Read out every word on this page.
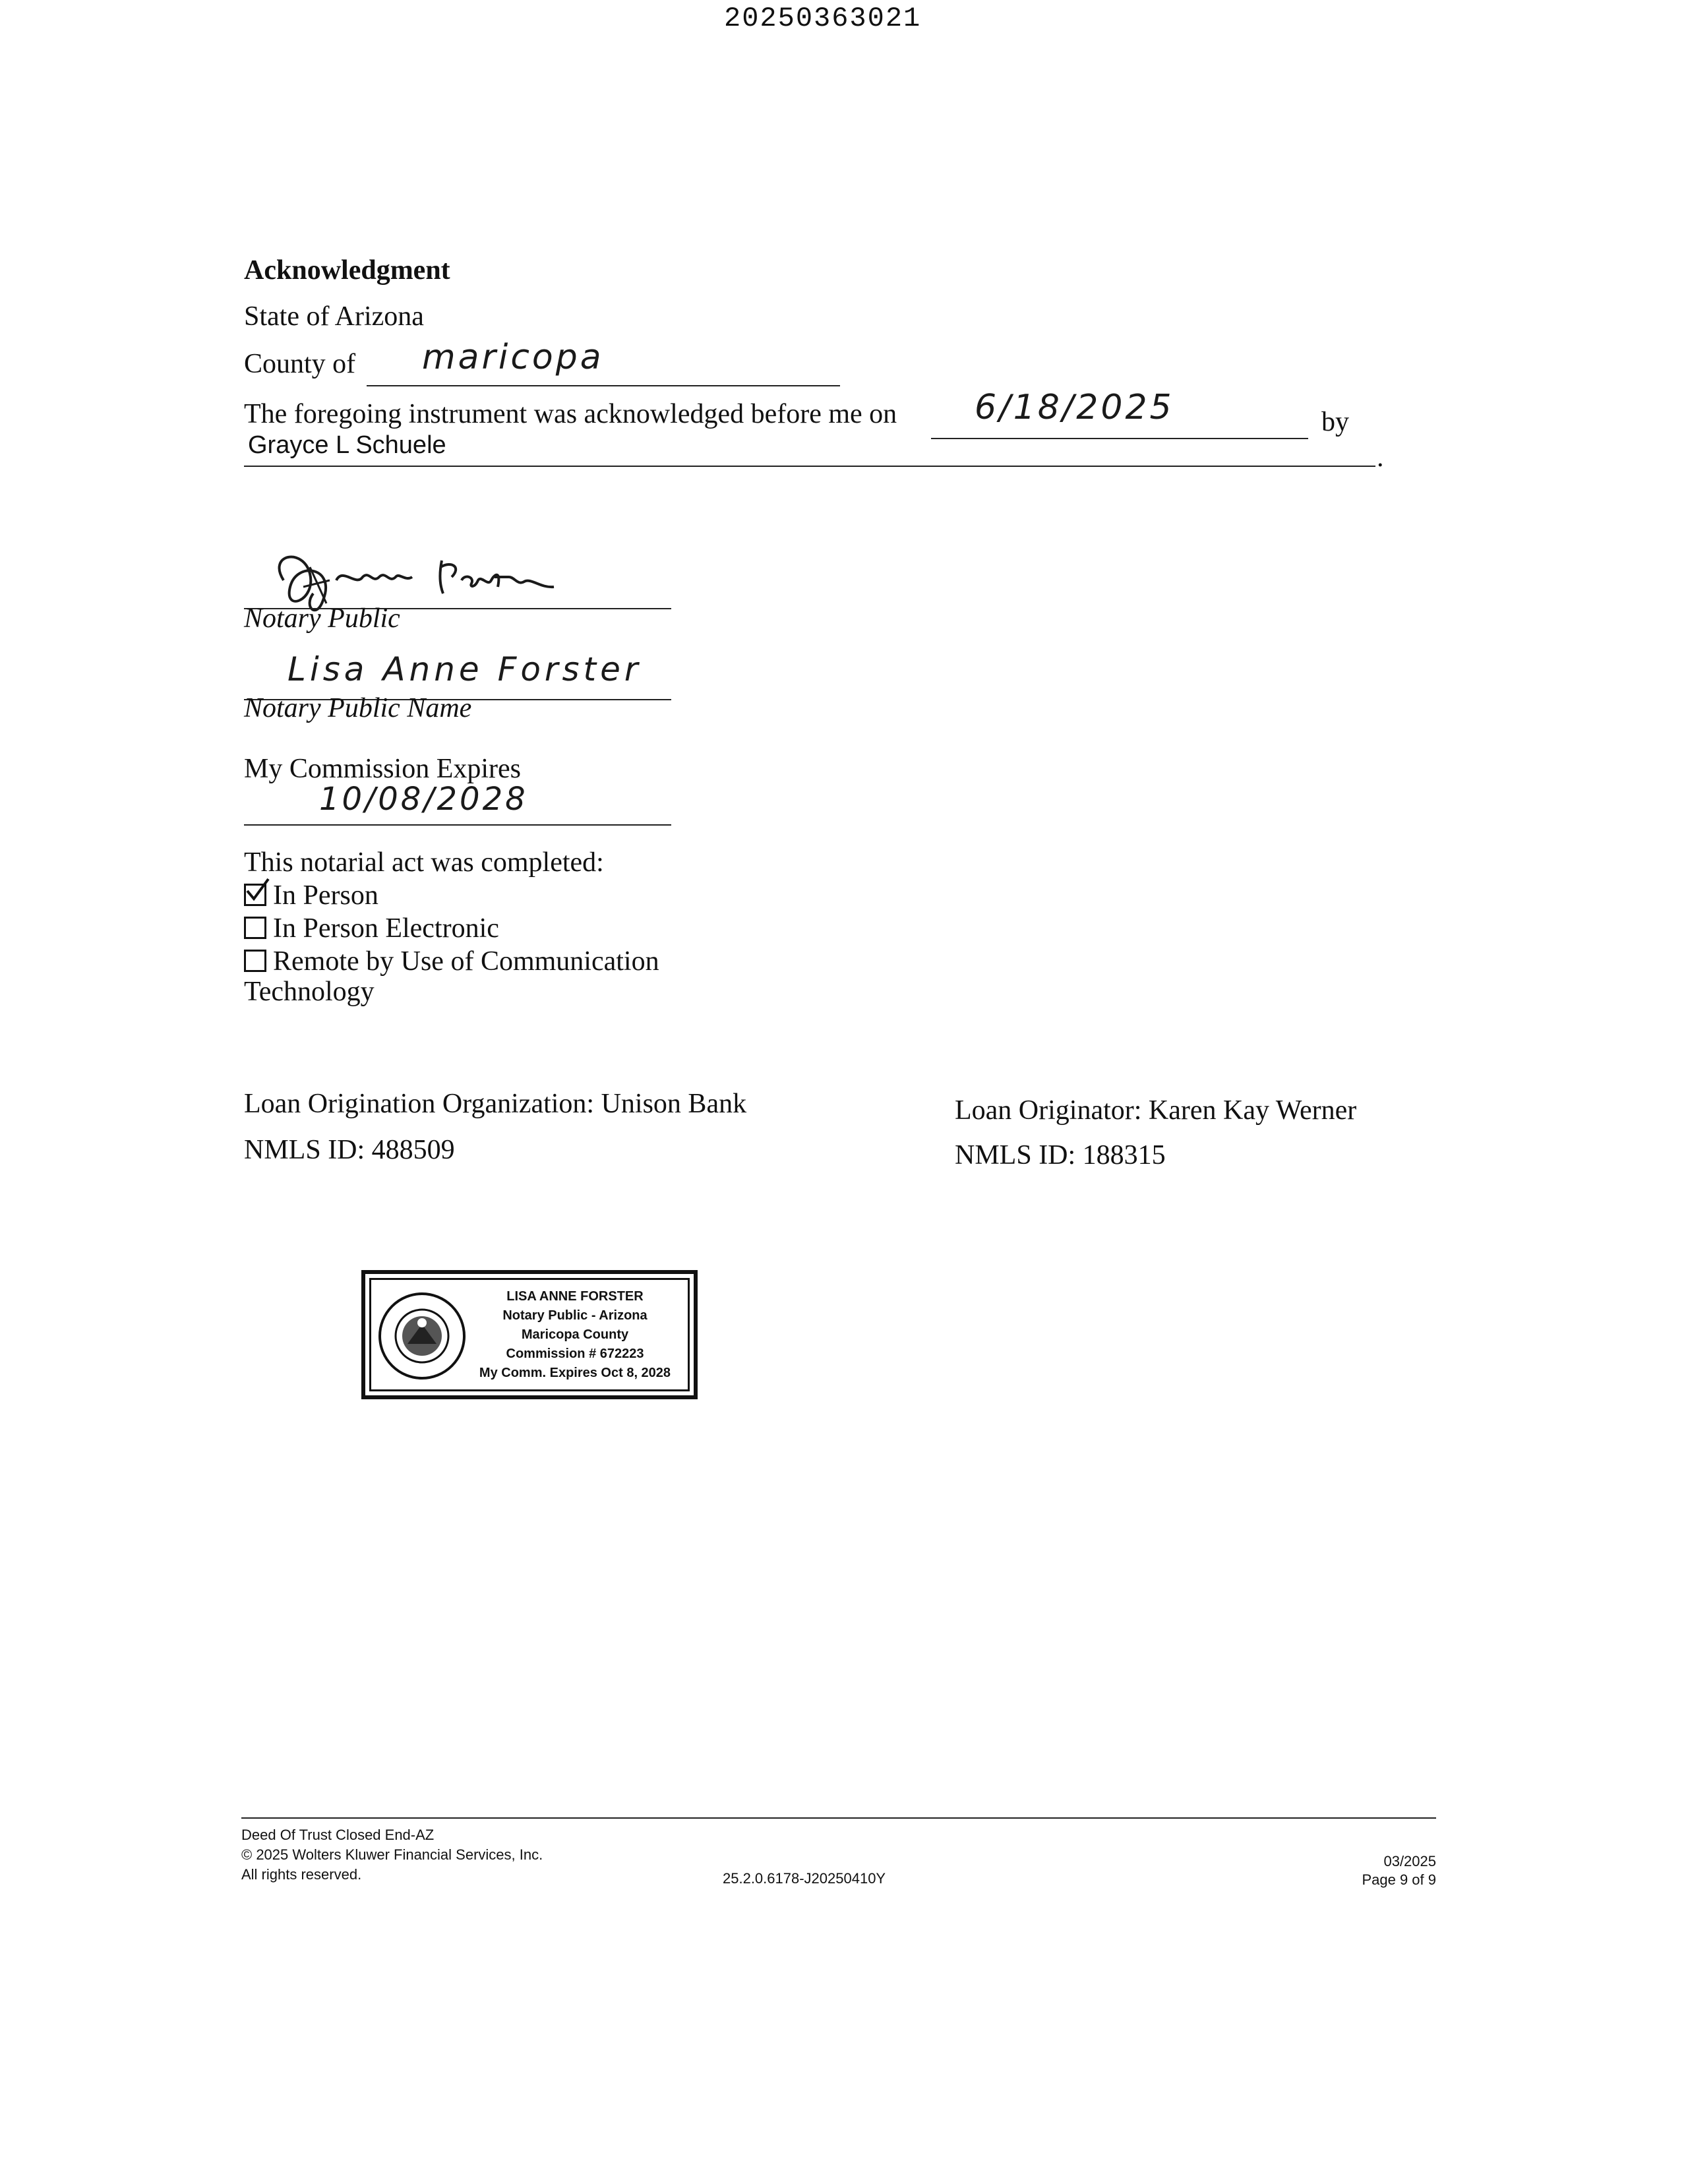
20250363021
Acknowledgment
State of Arizona
County of maricopa
The foregoing instrument was acknowledged before me on 6/18/2025	by
Grayce L Schuele	.
Notary Public
Lisa Anne Forster
Notary Public Name
My Commission Expires
10/08/2028
This notarial act was completed:
In Person
In Person Electronic
Remote by Use of Communication
Technology
Loan Origination Organization: Unison Bank
NMLS ID: 488509
Loan Originator: Karen Kay Werner
NMLS ID: 188315
LISA ANNE FORSTER
Notary Public - Arizona
Maricopa County
Commission # 672223
My Comm. Expires Oct 8, 2028
Deed Of Trust Closed End-AZ
© 2025 Wolters Kluwer Financial Services, Inc.
All rights reserved.	25.2.0.6178-J20250410Y
03/2025
Page 9 of 9
